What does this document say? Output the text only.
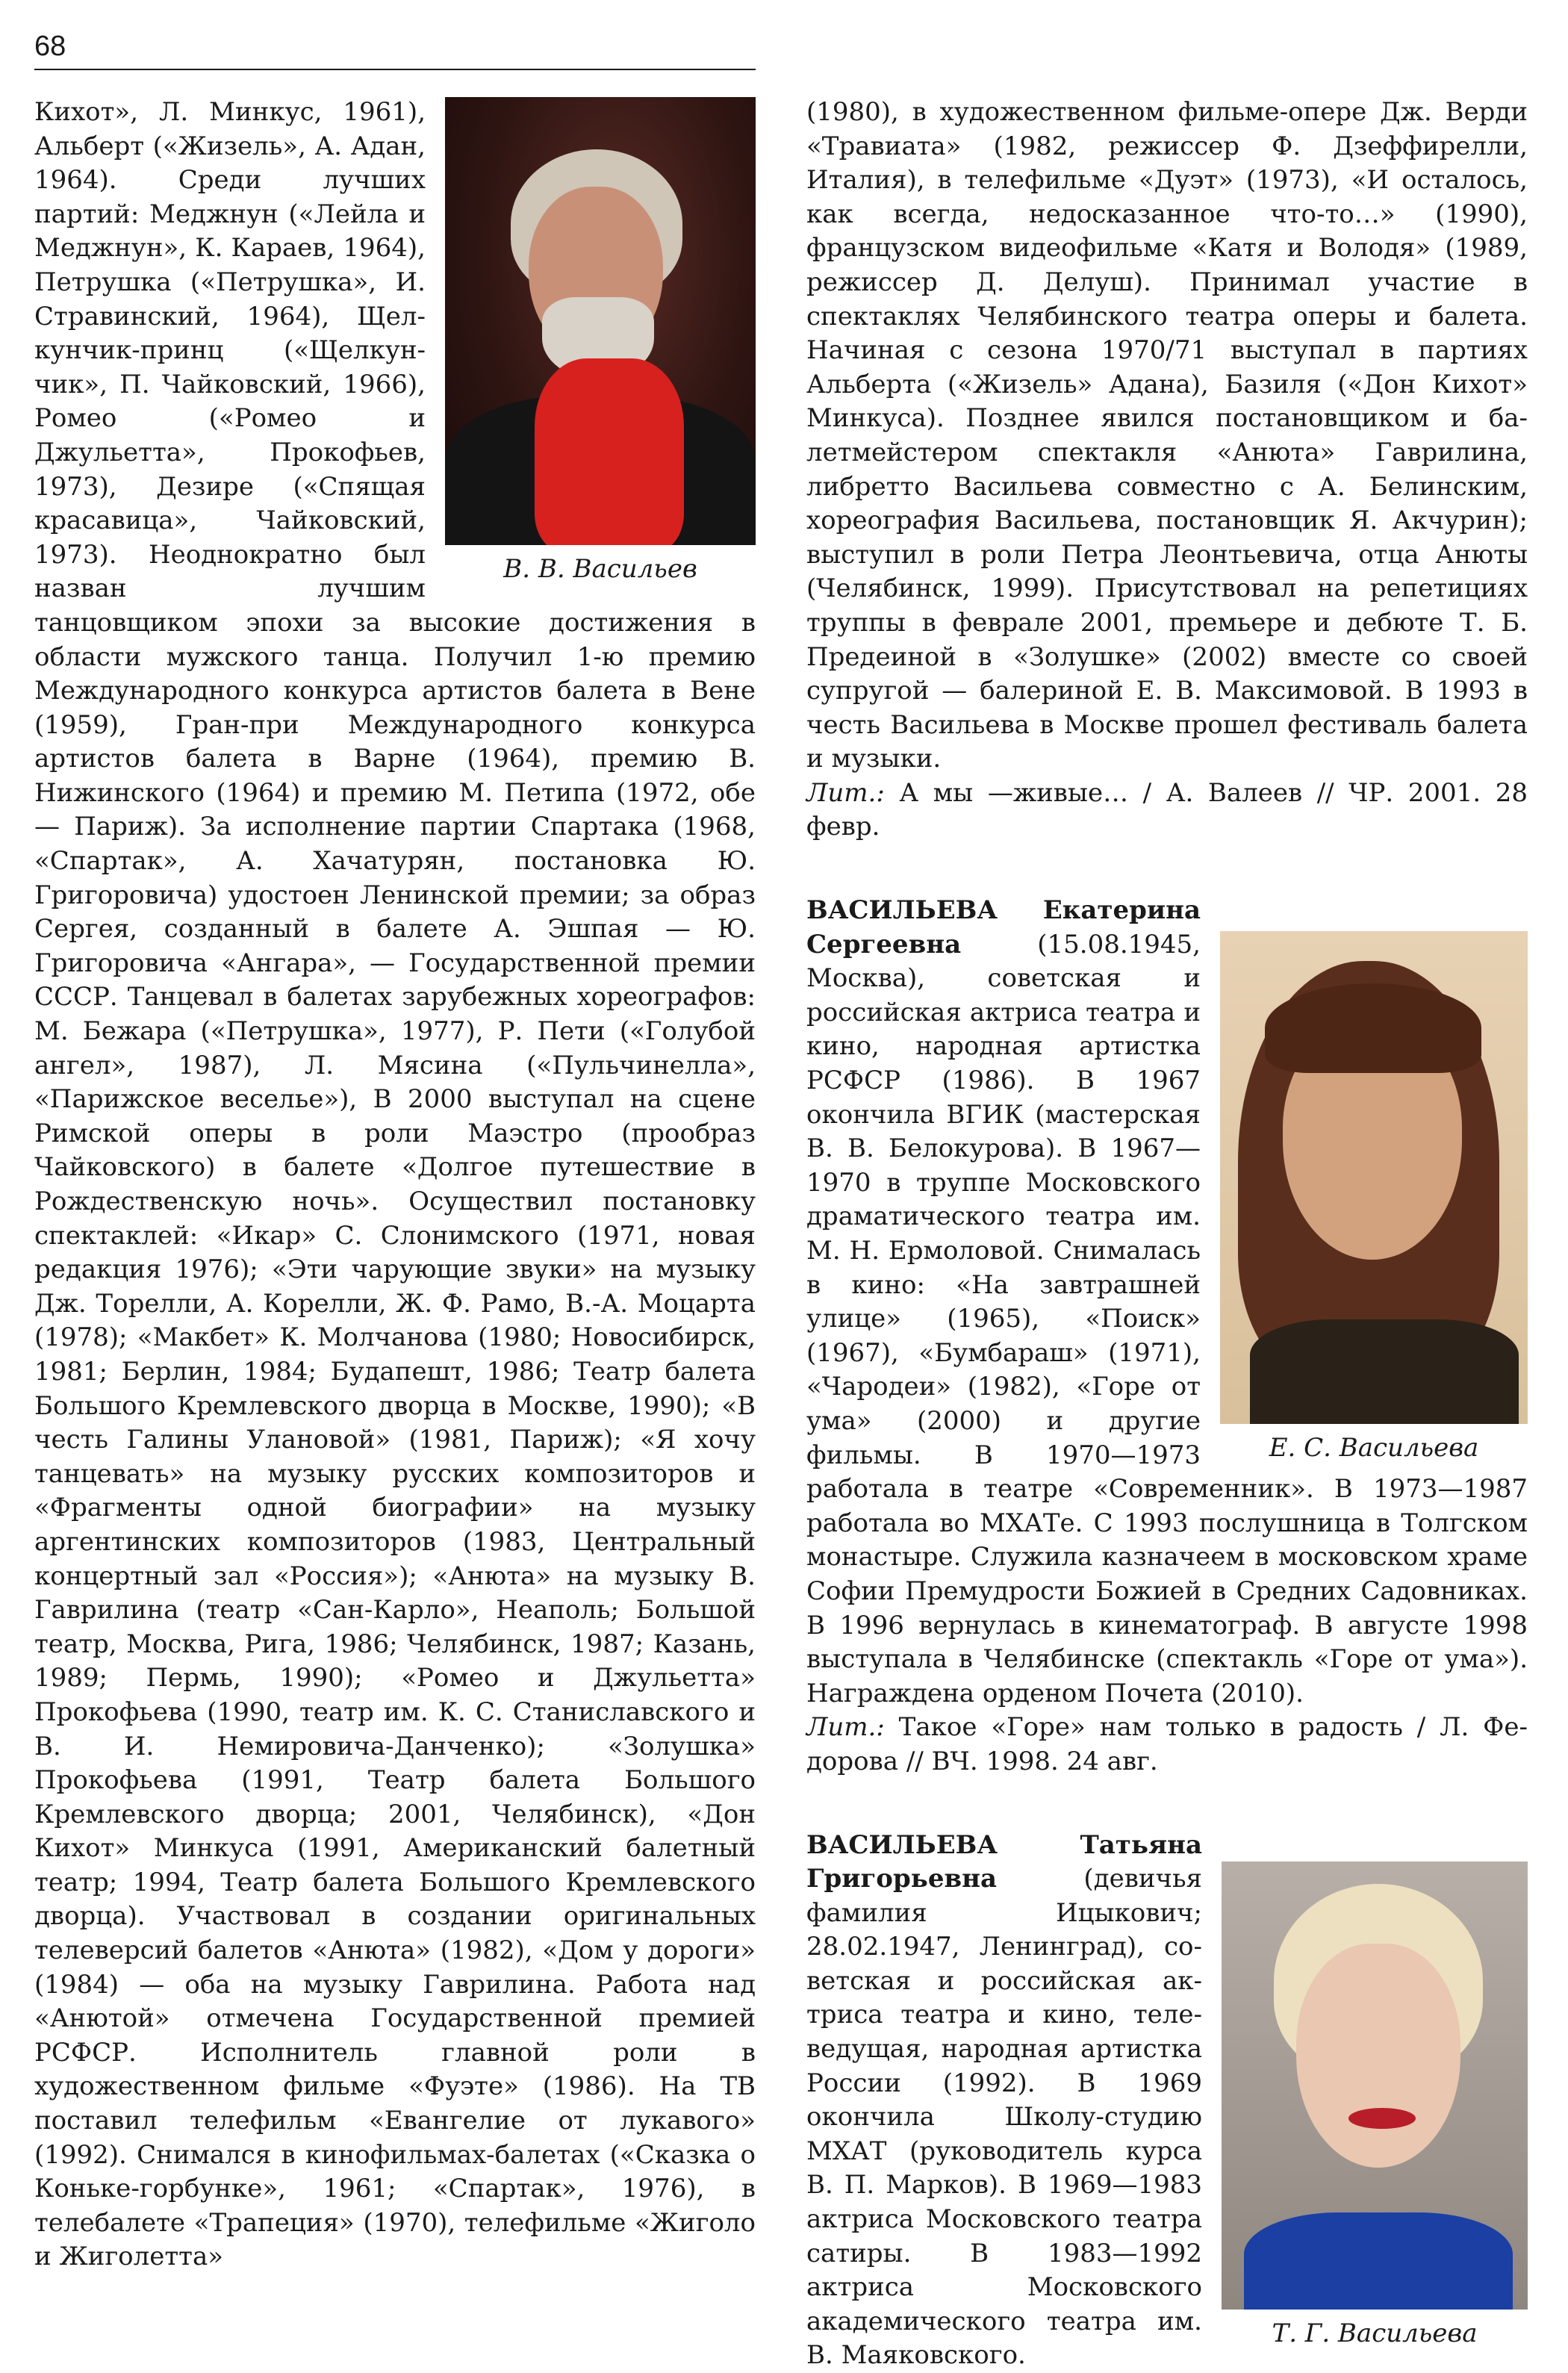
68
В. В. Васильев

Кихот», Л. Минкус, 1961), Альберт («Жизель», А. Адан, 1964). Среди лучших партий: Меджнун («Лейла и Меджнун», К. Караев, 1964), Петрушка («Петрушка», И. Стравинский, 1964), Щелкунчик-принц («Щелкунчик», П. Чайковский, 1966), Ромео («Ромео и Джульетта», Прокофьев, 1973), Дезире («Спящая красавица», Чайковский, 1973). Неоднократно был назван лучшим танцовщиком эпохи за высокие достижения в области мужского танца. Получил 1-ю премию Международного конкурса артистов балета в Вене (1959), Гран-при Международного конкурса артистов балета в Варне (1964), премию В. Нижинского (1964) и премию М. Петипа (1972, обе — Париж). За исполнение партии Спартака (1968, «Спартак», А. Хачатурян, постановка Ю. Григоровича) удостоен Ленинской премии; за образ Сергея, созданный в балете А. Эшпая — Ю. Григоровича «Ангара», — Государственной премии СССР. Танцевал в балетах зарубежных хореографов: М. Бежара («Петрушка», 1977), Р. Пети («Голубой ангел», 1987), Л. Мясина («Пульчинелла», «Парижское веселье»), В 2000 выступал на сцене Римской оперы в роли Маэстро (прообраз Чайковского) в балете «Долгое путешествие в Рождественскую ночь». Осуществил постановку спектаклей: «Икар» С. Слонимского (1971, новая редакция 1976); «Эти чарующие звуки» на музыку Дж. Торелли, А. Корелли, Ж. Ф. Рамо, В.-А. Моцарта (1978); «Макбет» К. Молчанова (1980; Новосибирск, 1981; Берлин, 1984; Будапешт, 1986; Театр балета Большого Кремлевского дворца в Москве, 1990); «В честь Галины Улановой» (1981, Париж); «Я хочу танцевать» на музыку русских композиторов и «Фрагменты одной биографии» на музыку аргентинских композиторов (1983, Центральный концертный зал «Россия»); «Анюта» на музыку В. Гаврилина (театр «Сан-Карло», Неаполь; Большой театр, Москва, Рига, 1986; Челябинск, 1987; Казань, 1989; Пермь, 1990); «Ромео и Джульетта» Прокофьева (1990, театр им. К. С. Станиславского и В. И. Немировича-Данченко); «Золушка» Прокофьева (1991, Театр балета Большого Кремлевского дворца; 2001, Челябинск), «Дон Кихот» Минкуса (1991, Американский балетный театр; 1994, Театр балета Большого Кремлевского дворца). Участвовал в создании оригинальных телеверсий балетов «Анюта» (1982), «Дом у дороги» (1984) — оба на музыку Гаврилина. Работа над «Анютой» отмечена Государственной премией РСФСР. Исполнитель главной роли в художественном фильме «Фуэте» (1986). На ТВ поставил телефильм «Евангелие от лукавого» (1992). Снимался в кинофильмах-балетах («Сказка о Коньке-горбунке», 1961; «Спартак», 1976), в телебалете «Трапеция» (1970), телефильме «Жиголо и Жиголетта»

(1980), в художественном фильме-опере Дж. Верди «Травиата» (1982, режиссер Ф. Дзеффирелли, Италия), в телефильме «Дуэт» (1973), «И осталось, как всегда, недосказанное что-то…» (1990), французском видеофильме «Катя и Володя» (1989, режиссер Д. Делуш). Принимал участие в спектаклях Челябинского театра оперы и балета. Начиная с сезона 1970/71 выступал в партиях Альберта («Жизель» Адана), Базиля («Дон Кихот» Минкуса). Позднее явился постановщиком и балетмейстером спектакля «Анюта» Гаврилина, либретто Васильева совместно с А. Белинским, хореография Васильева, постановщик Я. Акчурин); выступил в роли Петра Леонтьевича, отца Анюты (Челябинск, 1999). Присутствовал на репетициях труппы в феврале 2001, премьере и дебюте Т. Б. Предеиной в «Золушке» (2002) вместе со своей супругой — балериной Е. В. Максимовой. В 1993 в честь Васильева в Москве прошел фестиваль балета и музыки.

Лит.: А мы —живые… / А. Валеев // ЧР. 2001. 28 февр.

Е. С. Васильева

ВАСИЛЬЕВА Екатерина Сергеевна (15.08.1945, Москва), советская и российская актриса театра и кино, народная артистка РСФСР (1986). В 1967 окончила ВГИК (мастерская В. В. Белокурова). В 1967—1970 в труппе Московского драматического театра им. М. Н. Ермоловой. Снималась в кино: «На завтрашней улице» (1965), «Поиск» (1967), «Бумбараш» (1971), «Чародеи» (1982), «Горе от ума» (2000) и другие фильмы. В 1970—1973 работала в театре «Современник». В 1973—1987 работала во МХАТе. С 1993 послушница в Толгском монастыре. Служила казначеем в московском храме Софии Премудрости Божией в Средних Садовниках. В 1996 вернулась в кинематограф. В августе 1998 выступала в Челябинске (спектакль «Горе от ума»). Награждена орденом Почета (2010).

Лит.: Такое «Горе» нам только в радость / Л. Федорова // ВЧ. 1998. 24 авг.

Т. Г. Васильева

ВАСИЛЬЕВА Татьяна Григорьевна (девичья фамилия Ицыкович; 28.02.1947, Ленинград), советская и российская актриса театра и кино, телеведущая, народная артистка России (1992). В 1969 окончила Школу-студию МХАТ (руководитель курса В. П. Марков). В 1969—1983 актриса Московского театра сатиры. В 1983—1992 актриса Московского академического театра им. В. Маяковского.
